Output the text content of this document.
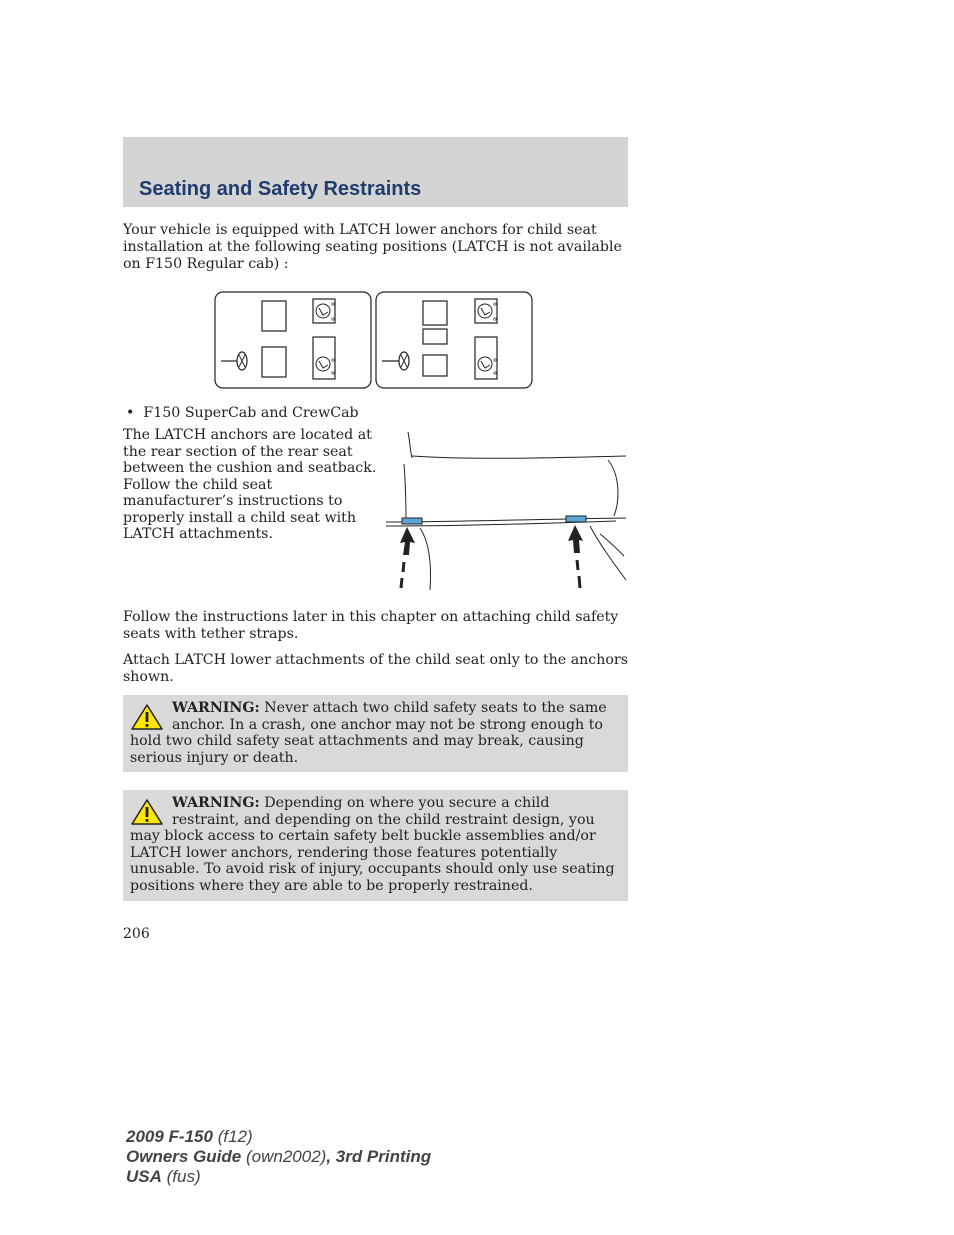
Seating and Safety Restraints

Your vehicle is equipped with LATCH lower anchors for child seat installation at the following seating positions (LATCH is not available on F150 Regular cab) :

• F150 SuperCab and CrewCab

The LATCH anchors are located at the rear section of the rear seat between the cushion and seatback. Follow the child seat manufacturer’s instructions to properly install a child seat with LATCH attachments.

Follow the instructions later in this chapter on attaching child safety seats with tether straps.

Attach LATCH lower attachments of the child seat only to the anchors shown.

WARNING: Never attach two child safety seats to the same anchor. In a crash, one anchor may not be strong enough to hold two child safety seat attachments and may break, causing serious injury or death.

WARNING: Depending on where you secure a child restraint, and depending on the child restraint design, you may block access to certain safety belt buckle assemblies and/or LATCH lower anchors, rendering those features potentially unusable. To avoid risk of injury, occupants should only use seating positions where they are able to be properly restrained.

206
2009 F-150 (f12)
Owners Guide (own2002), 3rd Printing
USA (fus)
